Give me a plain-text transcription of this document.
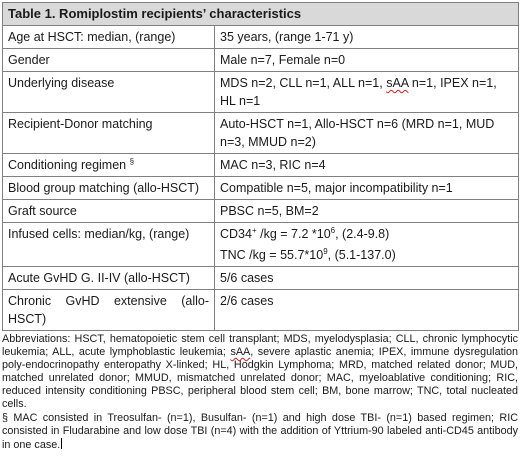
Table 1. Romiplostim recipients’ characteristics	
Age at HSCT: median, (range)	35 years, (range 1-71 y)
Gender	Male n=7, Female n=0
Underlying disease	MDS n=2, CLL n=1, ALL n=1, sAA n=1, IPEX n=1, HL n=1
Recipient-Donor matching	Auto-HSCT n=1, Allo-HSCT n=6 (MRD n=1, MUD n=3, MMUD n=2)
Conditioning regimen §	MAC n=3, RIC n=4
Blood group matching (allo-HSCT)	Compatible n=5, major incompatibility n=1
Graft source	PBSC n=5, BM=2
Infused cells: median/kg, (range)	CD34+ /kg = 7.2 $*10^6$, (2.4-9.8)
TNC $/kg = 55.7*10^9$, (5.1-137.0)

Acute GvHD G. II-IV (allo-HSCT)	5/6 cases
Chronic GvHD extensive (allo-HSCT)	2/6 cases

Abbreviations: HSCT, hematopoietic stem cell transplant; MDS, myelodysplasia; CLL, chronic lymphocytic leukemia; ALL, acute lymphoblastic leukemia; sAA, severe aplastic anemia; IPEX, immune dysregulation poly-endocrinopathy enteropathy X-linked; HL, Hodgkin Lymphoma; MRD, matched related donor; MUD, matched unrelated donor; MMUD, mismatched unrelated donor; MAC, myeloablative conditioning; RIC, reduced intensity conditioning PBSC, peripheral blood stem cell; BM, bone marrow; TNC, total nucleated cells.

§ MAC consisted in Treosulfan- (n=1), Busulfan- (n=1) and high dose TBI- (n=1) based regimen; RIC consisted in Fludarabine and low dose TBI (n=4) with the addition of Yttrium-90 labeled anti-CD45 antibody in one case.
